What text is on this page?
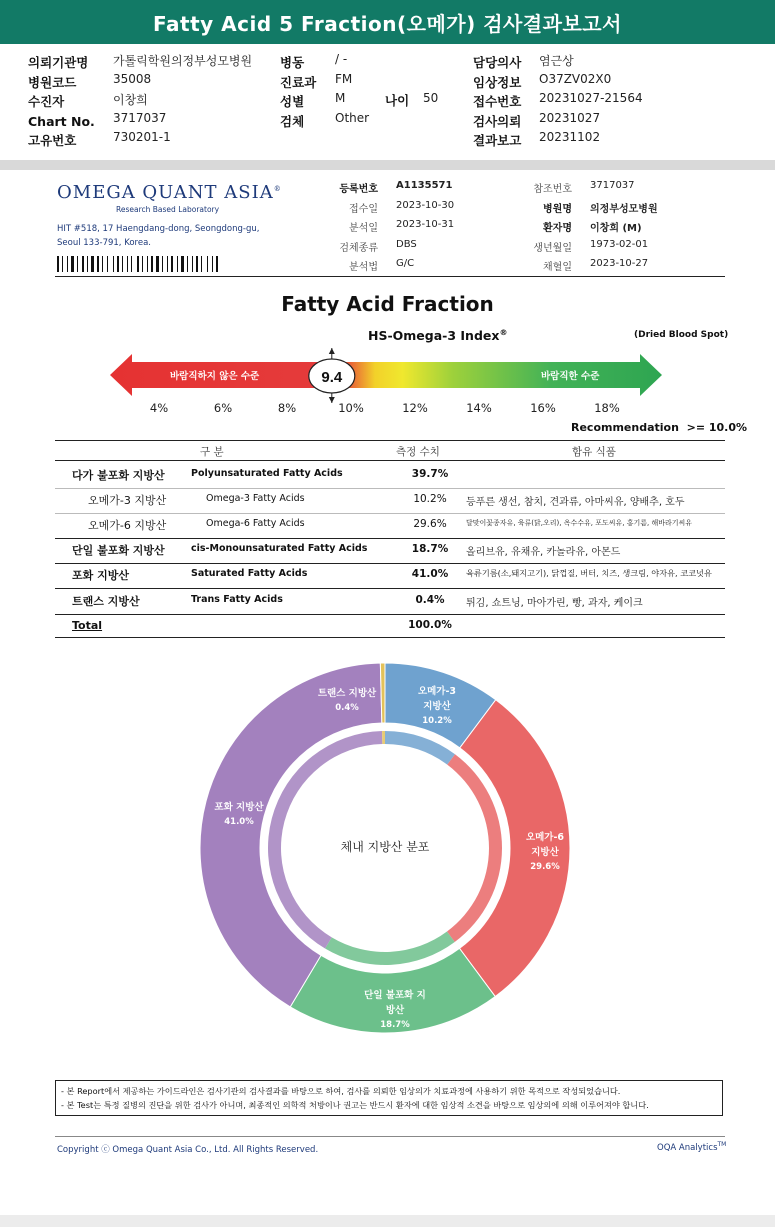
Fatty Acid 5 Fraction(오메가) 검사결과보고서
의뢰기관명 가톨릭학원의정부성모병원
병원코드	35008
수진자	이창희
Chart No. 3717037
고유번호	730201-1
병동	/ -
진료과 FM
성별	M	나이 50
검체	Other
담당의사 염근상
임상정보 O37ZV02X0
접수번호 20231027-21564
검사의뢰 20231027
결과보고 20231102
OMEGA QUANT ASIA®
Research Based Laboratory
HIT #518, 17 Haengdang-dong, Seongdong-gu,
Seoul 133-791, Korea.
등록번호 A1135571
접수일 2023-10-30
분석일 2023-10-31
검체종류 DBS
분석법 G/C
참조번호 3717037
병원명 의정부성모병원
환자명 이창희 (M)
생년월일 1973-02-01
채혈일 2023-10-27
Fatty Acid Fraction
HS-Omega-3 Index®	(Dried Blood Spot)
9.4
바람직하지 않은 수준	바람직한 수준
4%	6%	8%	10%	12%	14%	16%	18%
Recommendation  >= 10.0%
구 분	측정 수치	함유 식품
다가 불포화 지방산	Polyunsaturated Fatty Acids	39.7%
오메가-3 지방산	Omega-3 Fatty Acids	10.2%	등푸른 생선, 참치, 견과류, 아마씨유, 양배추, 호두
오메가-6 지방산	Omega-6 Fatty Acids	29.6%	달맞이꽃종자유, 육류(닭,오리), 옥수수유, 포도씨유, 홍기름, 해바라기씨유
단일 불포화 지방산	cis-Monounsaturated Fatty Acids	18.7%	올리브유, 유채유, 카놀라유, 아몬드
포화 지방산	Saturated Fatty Acids	41.0%	육류기름(소,돼지고기), 닭껍질, 버터, 치즈, 생크림, 야자유, 코코넛유
트랜스 지방산	Trans Fatty Acids	0.4%	튀김, 쇼트닝, 마아가린, 빵, 과자, 케이크
Total	100.0%
체내 지방산 분포
오메가-3 지방산
10.2%
오메가-6 지방산
29.6%
단일 불포화 지방산
18.7%
포화 지방산
41.0%
트랜스 지방산
0.4%
- 본 Report에서 제공하는 가이드라인은 검사기관의 검사결과를 바탕으로 하여, 검사를 의뢰한 임상의가 치료과정에 사용하기 위한 목적으로 작성되었습니다.
- 본 Test는 특정 질병의 진단을 위한 검사가 아니며, 최종적인 의학적 처방이나 권고는 반드시 환자에 대한 임상적 소견을 바탕으로 임상의에 의해 이루어져야 합니다.
Copyright ⓒ Omega Quant Asia Co., Ltd. All Rights Reserved.	OQA Analytics™
